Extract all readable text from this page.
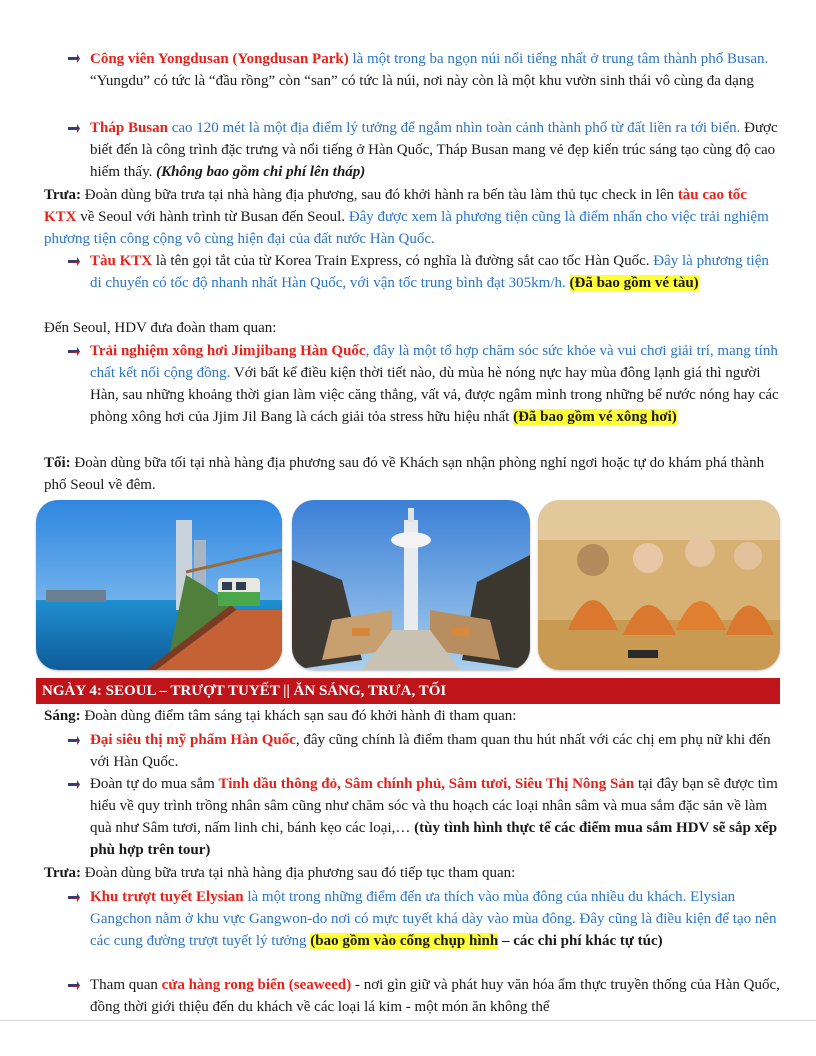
Công viên Yongdusan (Yongdusan Park) là một trong ba ngọn núi nổi tiếng nhất ở trung tâm thành phố Busan. “Yungdu” có tức là “đầu rồng” còn “san” có tức là núi, nơi này còn là một khu vườn sinh thái vô cùng đa dạng

Tháp Busan cao 120 mét là một địa điểm lý tưởng để ngắm nhìn toàn cảnh thành phố từ đất liền ra tới biển. Được biết đến là công trình đặc trưng và nổi tiếng ở Hàn Quốc, Tháp Busan mang vẻ đẹp kiến trúc sáng tạo cùng độ cao hiếm thấy. (Không bao gồm chi phí lên tháp)

Trưa: Đoàn dùng bữa trưa tại nhà hàng địa phương, sau đó khởi hành ra bến tàu làm thủ tục check in lên tàu cao tốc KTX về Seoul với hành trình từ Busan đến Seoul. Đây được xem là phương tiện cũng là điểm nhấn cho việc trải nghiệm phương tiện công cộng vô cùng hiện đại của đất nước Hàn Quốc.

Tàu KTX là tên gọi tắt của từ Korea Train Express, có nghĩa là đường sắt cao tốc Hàn Quốc. Đây là phương tiện di chuyển có tốc độ nhanh nhất Hàn Quốc, với vận tốc trung bình đạt 305km/h. (Đã bao gồm vé tàu)

Đến Seoul, HDV đưa đoàn tham quan:

Trải nghiệm xông hơi Jimjibang Hàn Quốc, đây là một tổ hợp chăm sóc sức khỏe và vui chơi giải trí, mang tính chất kết nối cộng đồng. Với bất kể điều kiện thời tiết nào, dù mùa hè nóng nực hay mùa đông lạnh giá thì người Hàn, sau những khoảng thời gian làm việc căng thẳng, vất vả, được ngâm mình trong những bể nước nóng hay các phòng xông hơi của Jjim Jil Bang là cách giải tỏa stress hữu hiệu nhất (Đã bao gồm vé xông hơi)

Tối: Đoàn dùng bữa tối tại nhà hàng địa phương sau đó về Khách sạn nhận phòng nghỉ ngơi hoặc tự do khám phá thành phố Seoul về đêm.

NGÀY 4: SEOUL – TRƯỢT TUYẾT || ĂN SÁNG, TRƯA, TỐI

Sáng: Đoàn dùng điểm tâm sáng tại khách sạn sau đó khởi hành đi tham quan:

Đại siêu thị mỹ phẩm Hàn Quốc, đây cũng chính là điểm tham quan thu hút nhất với các chị em phụ nữ khi đến với Hàn Quốc.

Đoàn tự do mua sắm Tinh dầu thông đỏ, Sâm chính phủ, Sâm tươi, Siêu Thị Nông Sản tại đây bạn sẽ được tìm hiểu về quy trình trồng nhân sâm cũng như chăm sóc và thu hoạch các loại nhân sâm và mua sắm đặc sản về làm quà như Sâm tươi, nấm linh chi, bánh kẹo các loại,… (tùy tình hình thực tế các điểm mua sắm HDV sẽ sắp xếp phù hợp trên tour)

Trưa: Đoàn dùng bữa trưa tại nhà hàng địa phương sau đó tiếp tục tham quan:

Khu trượt tuyết Elysian là một trong những điểm đến ưa thích vào mùa đông của nhiều du khách. Elysian Gangchon nằm ở khu vực Gangwon-do nơi có mực tuyết khá dày vào mùa đông. Đây cũng là điều kiện để tạo nên các cung đường trượt tuyết lý tưởng (bao gồm vào cổng chụp hình – các chi phí khác tự túc)

Tham quan cửa hàng rong biển (seaweed) - nơi gìn giữ và phát huy văn hóa ẩm thực truyền thống của Hàn Quốc, đồng thời giới thiệu đến du khách về các loại lá kim - một món ăn không thể
